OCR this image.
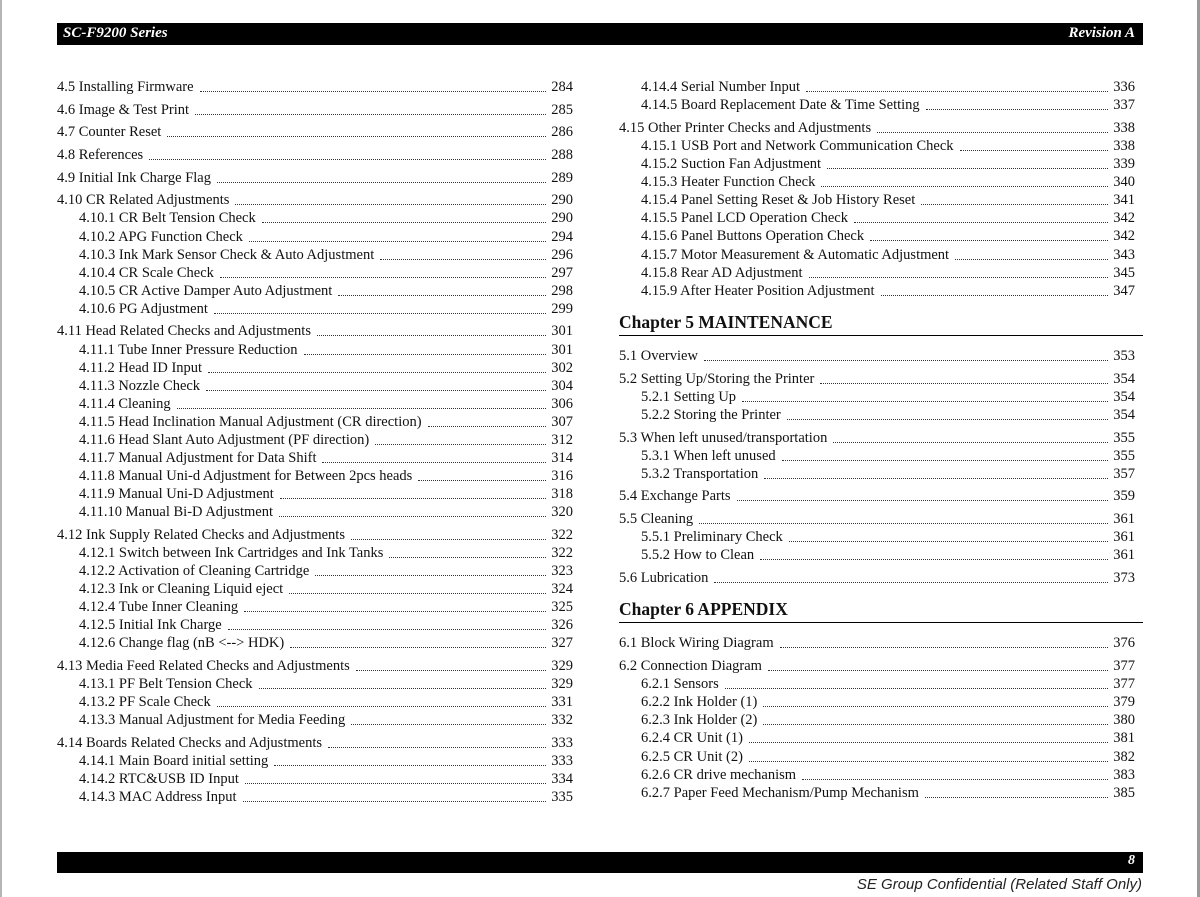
SC-F9200 Series	Revision A
4.5 Installing Firmware	284
4.6 Image & Test Print	285
4.7 Counter Reset	286
4.8 References	288
4.9 Initial Ink Charge Flag	289
4.10 CR Related Adjustments	290
4.10.1 CR Belt Tension Check	290
4.10.2 APG Function Check	294
4.10.3 Ink Mark Sensor Check & Auto Adjustment	296
4.10.4 CR Scale Check	297
4.10.5 CR Active Damper Auto Adjustment	298
4.10.6 PG Adjustment	299
4.11 Head Related Checks and Adjustments	301
4.11.1 Tube Inner Pressure Reduction	301
4.11.2 Head ID Input	302
4.11.3 Nozzle Check	304
4.11.4 Cleaning	306
4.11.5 Head Inclination Manual Adjustment (CR direction)	307
4.11.6 Head Slant Auto Adjustment (PF direction)	312
4.11.7 Manual Adjustment for Data Shift	314
4.11.8 Manual Uni-d Adjustment for Between 2pcs heads	316
4.11.9 Manual Uni-D Adjustment	318
4.11.10 Manual Bi-D Adjustment	320
4.12 Ink Supply Related Checks and Adjustments	322
4.12.1 Switch between Ink Cartridges and Ink Tanks	322
4.12.2 Activation of Cleaning Cartridge	323
4.12.3 Ink or Cleaning Liquid eject	324
4.12.4 Tube Inner Cleaning	325
4.12.5 Initial Ink Charge	326
4.12.6 Change flag (nB <--> HDK)	327
4.13 Media Feed Related Checks and Adjustments	329
4.13.1 PF Belt Tension Check	329
4.13.2 PF Scale Check	331
4.13.3 Manual Adjustment for Media Feeding	332
4.14 Boards Related Checks and Adjustments	333
4.14.1 Main Board initial setting	333
4.14.2 RTC&USB ID Input	334
4.14.3 MAC Address Input	335
4.14.4 Serial Number Input	336
4.14.5 Board Replacement Date & Time Setting	337
4.15 Other Printer Checks and Adjustments	338
4.15.1 USB Port and Network Communication Check	338
4.15.2 Suction Fan Adjustment	339
4.15.3 Heater Function Check	340
4.15.4 Panel Setting Reset & Job History Reset	341
4.15.5 Panel LCD Operation Check	342
4.15.6 Panel Buttons Operation Check	342
4.15.7 Motor Measurement & Automatic Adjustment	343
4.15.8 Rear AD Adjustment	345
4.15.9 After Heater Position Adjustment	347
Chapter 5 MAINTENANCE
5.1 Overview	353
5.2 Setting Up/Storing the Printer	354
5.2.1 Setting Up	354
5.2.2 Storing the Printer	354
5.3 When left unused/transportation	355
5.3.1 When left unused	355
5.3.2 Transportation	357
5.4 Exchange Parts	359
5.5 Cleaning	361
5.5.1 Preliminary Check	361
5.5.2 How to Clean	361
5.6 Lubrication	373
Chapter 6 APPENDIX
6.1 Block Wiring Diagram	376
6.2 Connection Diagram	377
6.2.1 Sensors	377
6.2.2 Ink Holder (1)	379
6.2.3 Ink Holder (2)	380
6.2.4 CR Unit (1)	381
6.2.5 CR Unit (2)	382
6.2.6 CR drive mechanism	383
6.2.7 Paper Feed Mechanism/Pump Mechanism	385
8
SE Group Confidential (Related Staff Only)
